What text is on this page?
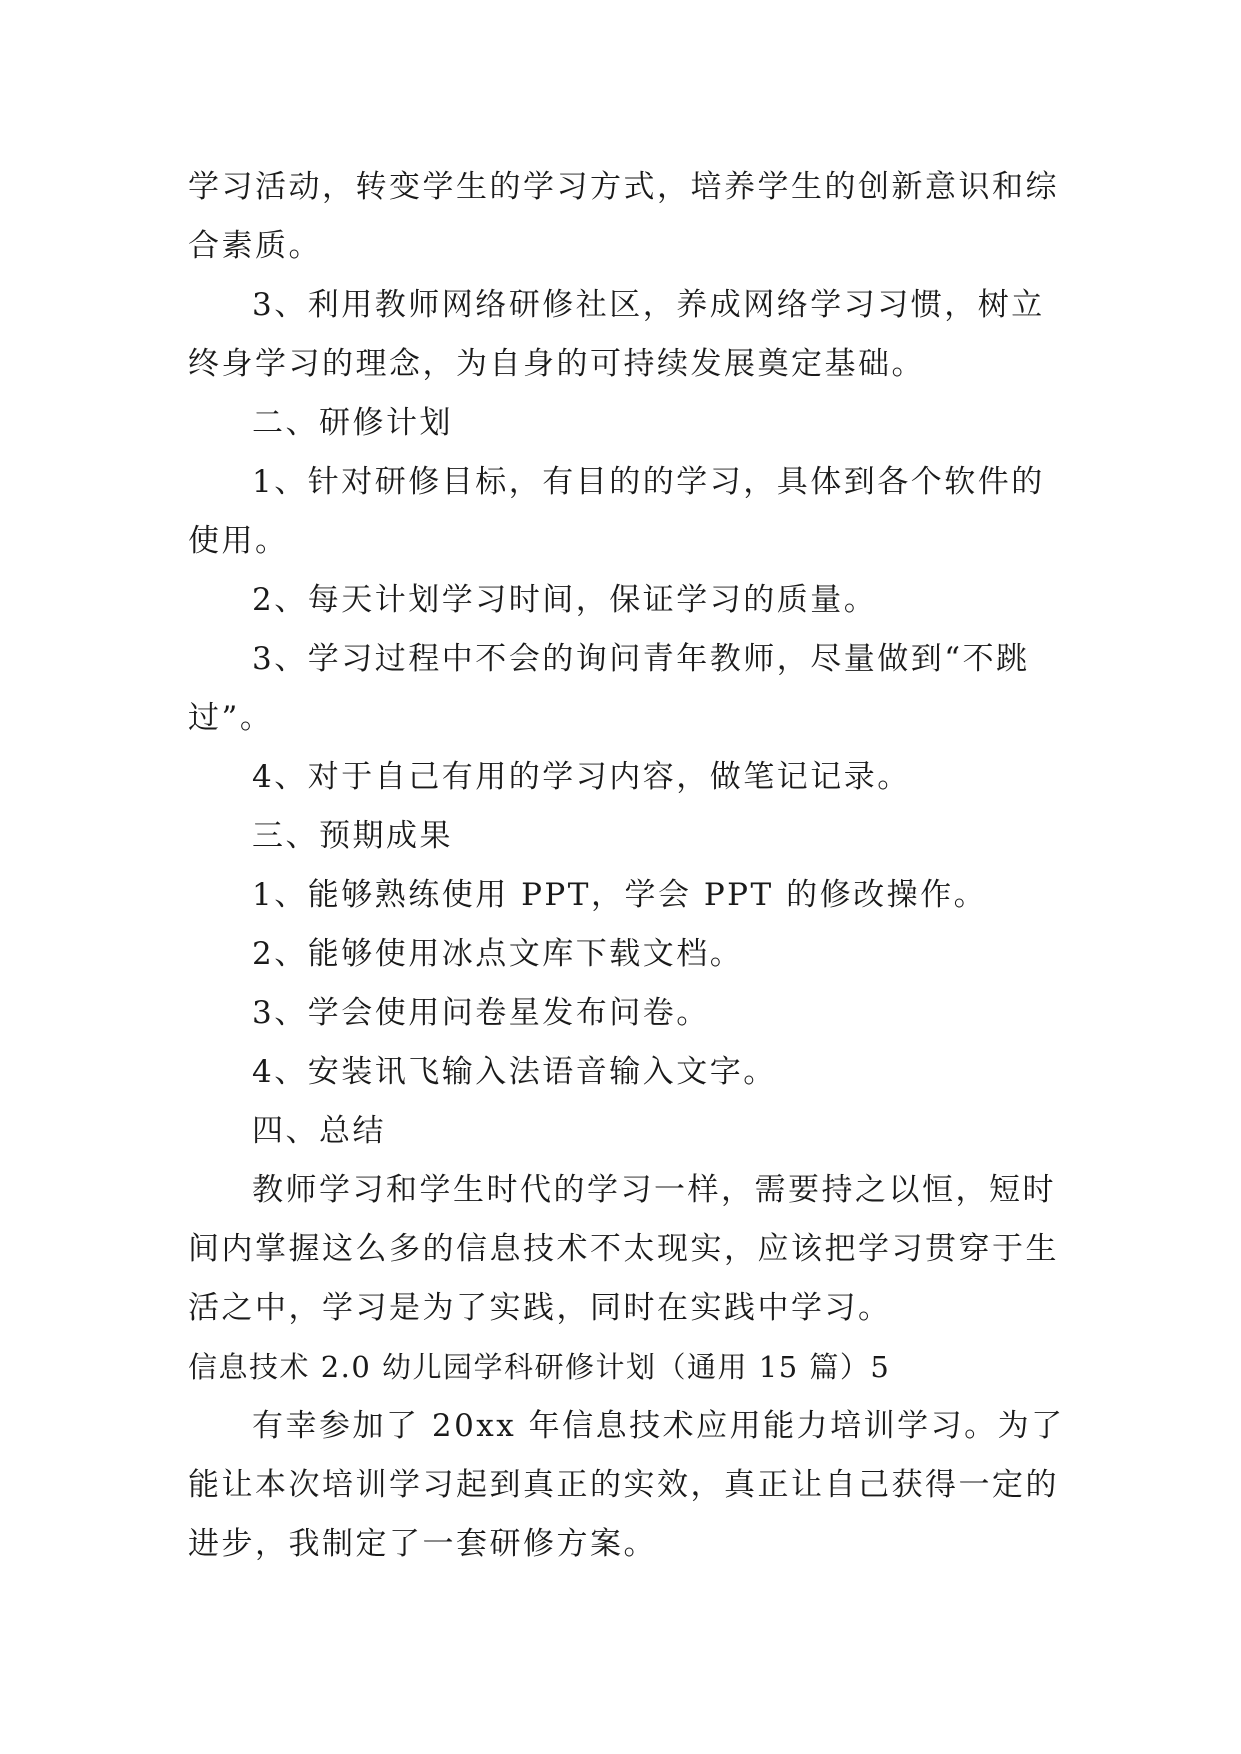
学习活动，转变学生的学习方式，培养学生的创新意识和综

合素质。

3、利用教师网络研修社区，养成网络学习习惯，树立

终身学习的理念，为自身的可持续发展奠定基础。

二、研修计划

1、针对研修目标，有目的的学习，具体到各个软件的

使用。

2、每天计划学习时间，保证学习的质量。

3、学习过程中不会的询问青年教师，尽量做到“不跳

过”。

4、对于自己有用的学习内容，做笔记记录。

三、预期成果

1、能够熟练使用 PPT，学会 PPT 的修改操作。

2、能够使用冰点文库下载文档。

3、学会使用问卷星发布问卷。

4、安装讯飞输入法语音输入文字。

四、总结

教师学习和学生时代的学习一样，需要持之以恒，短时

间内掌握这么多的信息技术不太现实，应该把学习贯穿于生

活之中，学习是为了实践，同时在实践中学习。

信息技术 2.0 幼儿园学科研修计划（通用 15 篇）5

有幸参加了 20xx 年信息技术应用能力培训学习。为了

能让本次培训学习起到真正的实效，真正让自己获得一定的

进步，我制定了一套研修方案。
